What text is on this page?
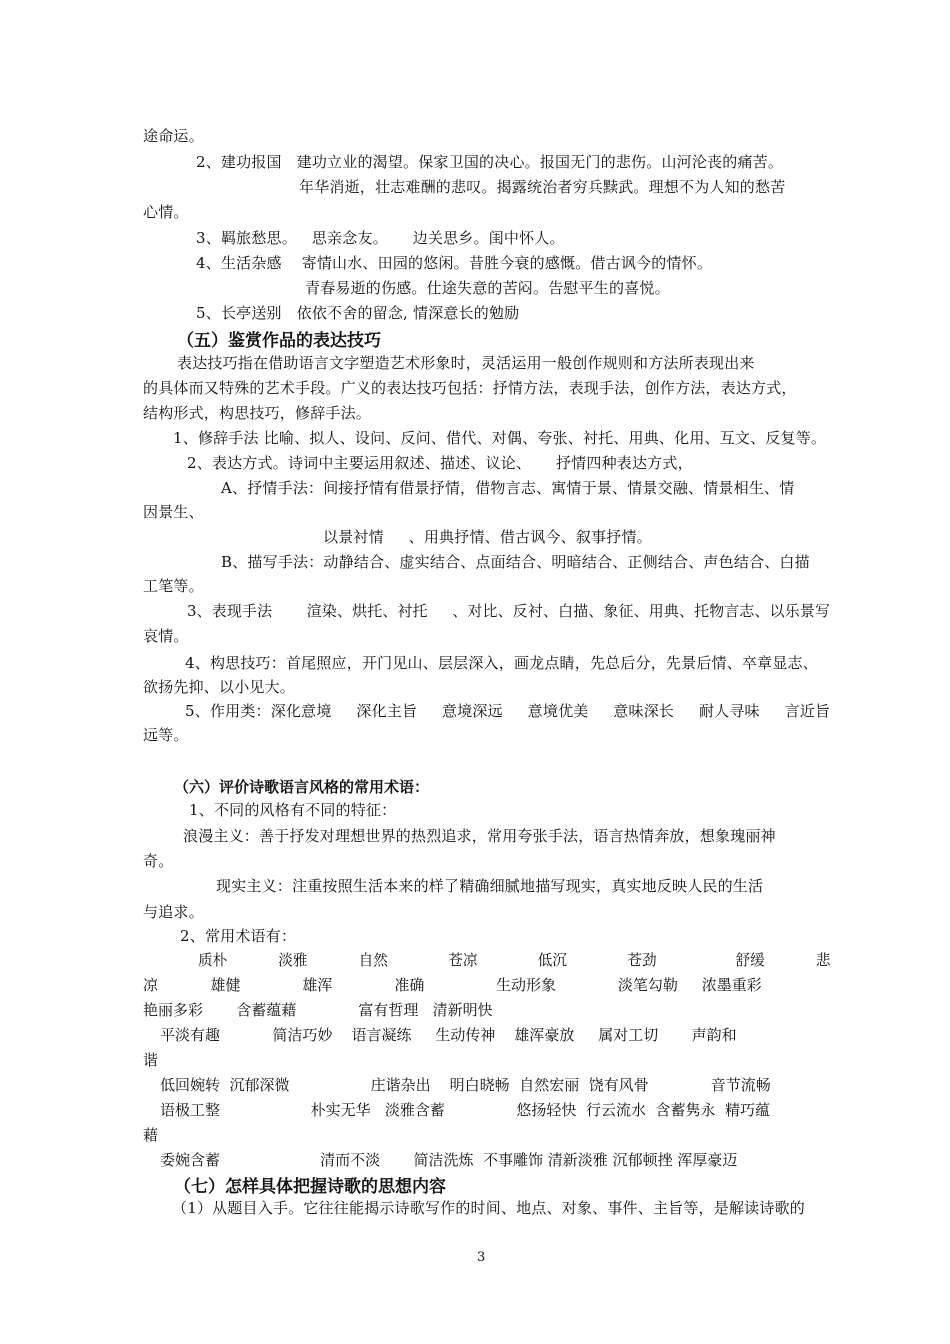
途命运。
2、建功报国   建功立业的渴望。保家卫国的决心。报国无门的悲伤。山河沦丧的痛苦。
年华消逝，壮志难酬的悲叹。揭露统治者穷兵黩武。理想不为人知的愁苦
心情。
3、羁旅愁思。   思亲念友。     边关思乡。闺中怀人。
4、生活杂感    寄情山水、田园的悠闲。昔胜今衰的感慨。借古讽今的情怀。
青春易逝的伤感。仕途失意的苦闷。告慰平生的喜悦。
5、长亭送别   依依不舍的留念, 情深意长的勉励
（五）鉴赏作品的表达技巧
表达技巧指在借助语言文字塑造艺术形象时，灵活运用一般创作规则和方法所表现出来
的具体而又特殊的艺术手段。广义的表达技巧包括：抒情方法，表现手法，创作方法，表达方式，
结构形式，构思技巧，修辞手法。
1、修辞手法 比喻、拟人、设问、反问、借代、对偶、夸张、衬托、用典、化用、互文、反复等。
2、表达方式。诗词中主要运用叙述、描述、议论、     抒情四种表达方式，
A、抒情手法：间接抒情有借景抒情，借物言志、寓情于景、情景交融、情景相生、情
因景生、
以景衬情     、用典抒情、借古讽今、叙事抒情。
B、描写手法：动静结合、虚实结合、点面结合、明暗结合、正侧结合、声色结合、白描
工笔等。
3、表现手法       渲染、烘托、衬托     、对比、反衬、白描、象征、用典、托物言志、以乐景写
哀情。
4、构思技巧：首尾照应，开门见山、层层深入，画龙点睛，先总后分，先景后情、卒章显志、
欲扬先抑、以小见大。
5、作用类：深化意境     深化主旨     意境深远     意境优美     意味深长     耐人寻味     言近旨
远等。
（六）评价诗歌语言风格的常用术语：
1、不同的风格有不同的特征：
浪漫主义：善于抒发对理想世界的热烈追求，常用夸张手法，语言热情奔放，想象瑰丽神
奇。
现实主义：注重按照生活本来的样了精确细腻地描写现实，真实地反映人民的生活
与追求。
2、常用术语有：
质朴           淡雅           自然             苍凉             低沉             苍劲                 舒缓           悲
凉           雄健             雄浑             准确               生动形象             淡笔勾勒     浓墨重彩
艳丽多彩       含蓄蕴藉             富有哲理   清新明快
平淡有趣           简洁巧妙    语言凝练     生动传神    雄浑豪放     属对工切       声韵和
谐
低回婉转  沉郁深微                 庄谐杂出    明白晓畅  自然宏丽  饶有风骨             音节流畅
语极工整                   朴实无华   淡雅含蓄               悠扬轻快  行云流水  含蓄隽永  精巧蕴
藉
委婉含蓄                     清而不淡       简洁洗炼  不事雕饰 清新淡雅 沉郁顿挫 浑厚豪迈
（七）怎样具体把握诗歌的思想内容
（1）从题目入手。它往往能揭示诗歌写作的时间、地点、对象、事件、主旨等，是解读诗歌的
3
